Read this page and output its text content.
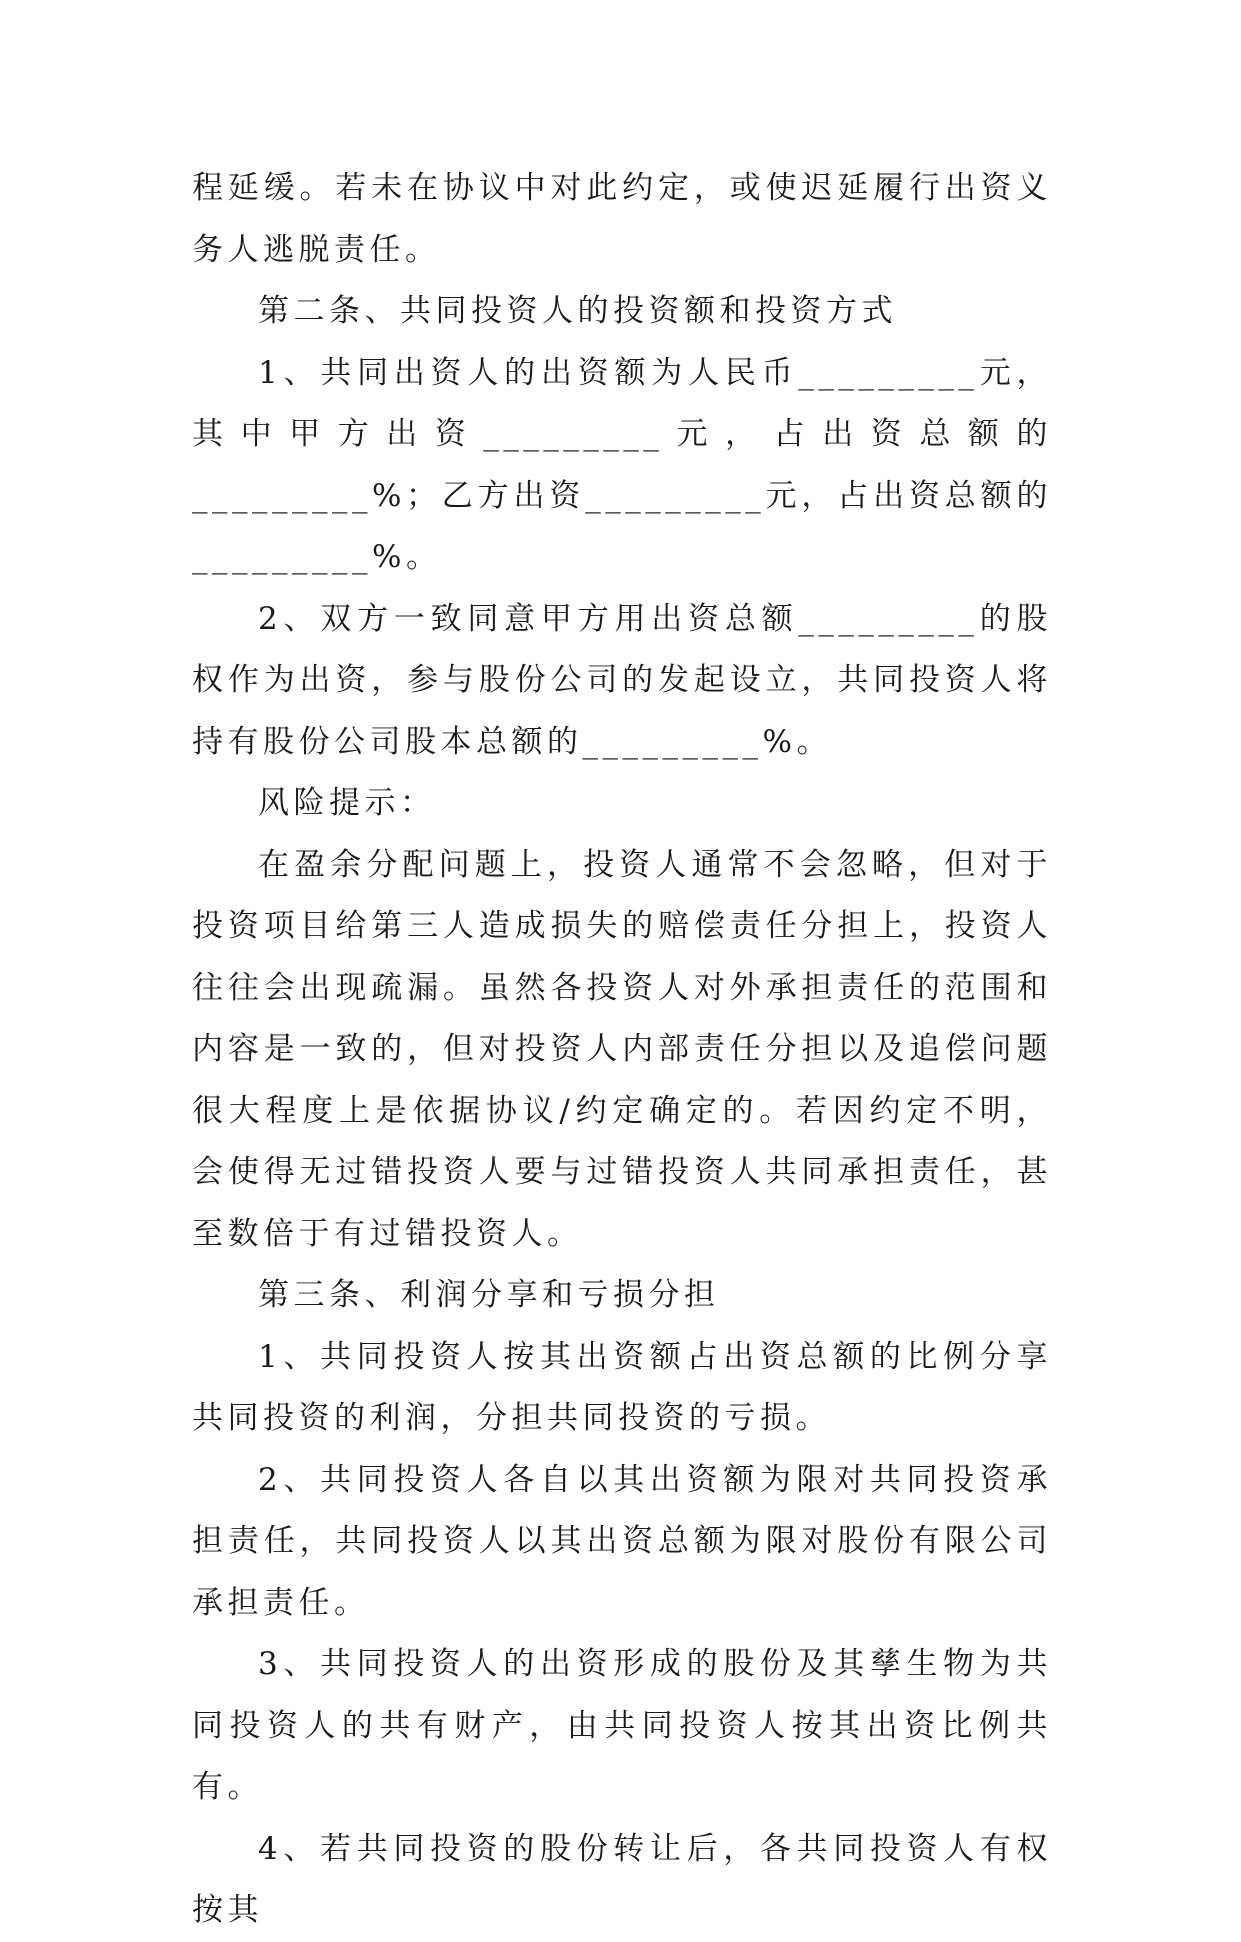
程延缓。若未在协议中对此约定，或使迟延履行出资义务人逃脱责任。

第二条、共同投资人的投资额和投资方式

1、共同出资人的出资额为人民币_________元，其中甲方出资_________元，占出资总额的_________%；乙方出资_________元，占出资总额的_________%。

2、双方一致同意甲方用出资总额_________的股权作为出资，参与股份公司的发起设立，共同投资人将持有股份公司股本总额的_________%。

风险提示：

在盈余分配问题上，投资人通常不会忽略，但对于投资项目给第三人造成损失的赔偿责任分担上，投资人往往会出现疏漏。虽然各投资人对外承担责任的范围和内容是一致的，但对投资人内部责任分担以及追偿问题很大程度上是依据协议/约定确定的。若因约定不明，会使得无过错投资人要与过错投资人共同承担责任，甚至数倍于有过错投资人。

第三条、利润分享和亏损分担

1、共同投资人按其出资额占出资总额的比例分享共同投资的利润，分担共同投资的亏损。

2、共同投资人各自以其出资额为限对共同投资承担责任，共同投资人以其出资总额为限对股份有限公司承担责任。

3、共同投资人的出资形成的股份及其孳生物为共同投资人的共有财产，由共同投资人按其出资比例共有。

4、若共同投资的股份转让后，各共同投资人有权按其
